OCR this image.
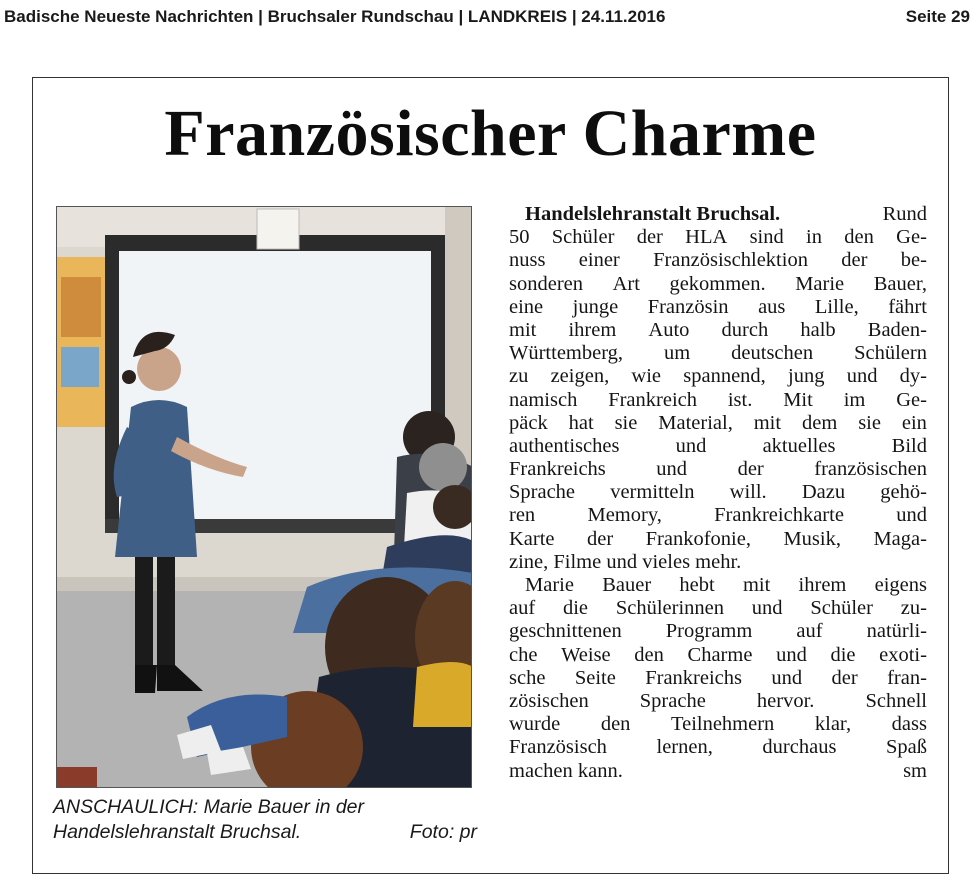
Badische Neueste Nachrichten | Bruchsaler Rundschau | LANDKREIS | 24.11.2016	Seite 29
Französischer Charme
ANSCHAULICH: Marie Bauer in der
Handelslehranstalt Bruchsal.	Foto: pr
Handelslehranstalt Bruchsal.	Rund
50 Schüler der HLA sind in den Ge-
nuss einer Französischlektion der be-
sonderen Art gekommen. Marie Bauer,
eine junge Französin aus Lille, fährt
mit ihrem Auto durch halb Baden-
Württemberg, um deutschen Schülern
zu zeigen, wie spannend, jung und dy-
namisch Frankreich ist. Mit im Ge-
päck hat sie Material, mit dem sie ein
authentisches	und	aktuelles	Bild
Frankreichs und der französischen
Sprache vermitteln will. Dazu gehö-
ren	Memory,	Frankreichkarte	und
Karte der Frankofonie, Musik, Maga-
zine, Filme und vieles mehr.
Marie Bauer hebt mit ihrem eigens
auf die Schülerinnen und Schüler zu-
geschnittenen Programm auf natürli-
che Weise den Charme und die exoti-
sche Seite Frankreichs und der fran-
zösischen Sprache hervor. Schnell
wurde den Teilnehmern klar, dass
Französisch lernen, durchaus Spaß
machen kann.	sm
